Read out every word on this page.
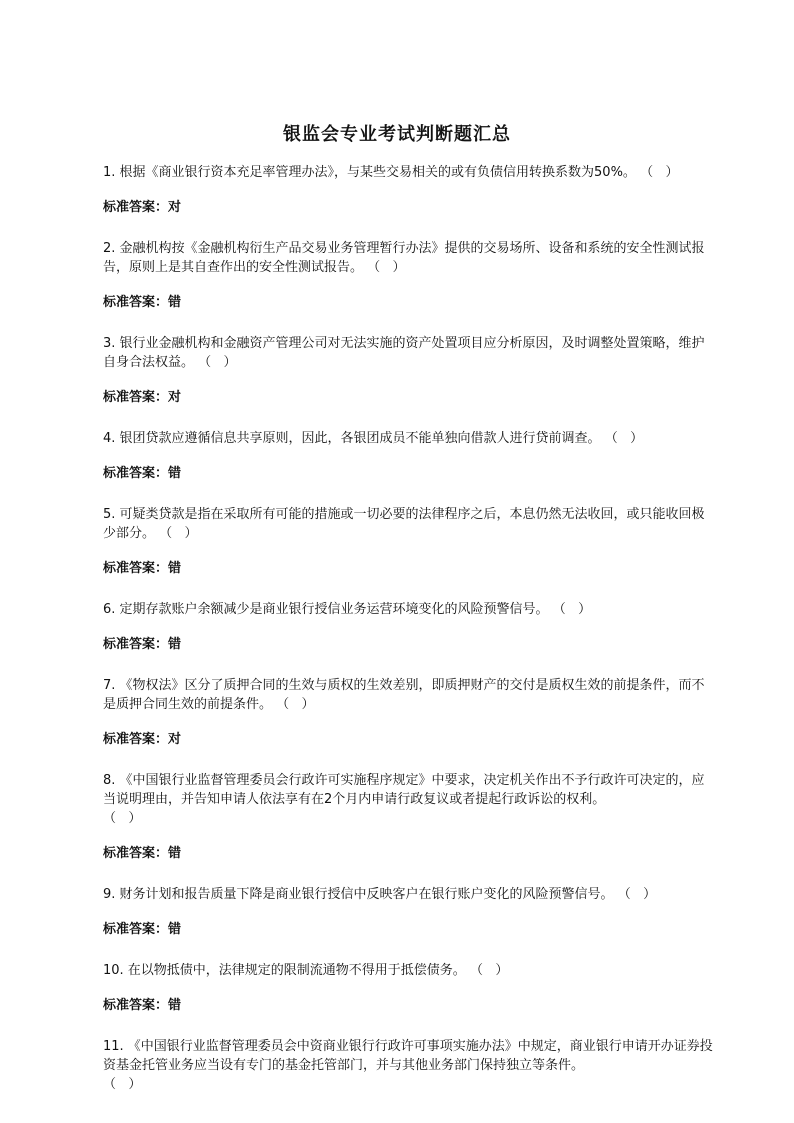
银监会专业考试判断题汇总

1. 根据《商业银行资本充足率管理办法》，与某些交易相关的或有负债信用转换系数为50%。 （   ）

标准答案：对

2. 金融机构按《金融机构衍生产品交易业务管理暂行办法》提供的交易场所、设备和系统的安全性测试报告，原则上是其自查作出的安全性测试报告。 （   ）

标准答案：错

3. 银行业金融机构和金融资产管理公司对无法实施的资产处置项目应分析原因，及时调整处置策略，维护自身合法权益。 （   ）

标准答案：对

4. 银团贷款应遵循信息共享原则，因此，各银团成员不能单独向借款人进行贷前调查。 （   ）

标准答案：错

5. 可疑类贷款是指在采取所有可能的措施或一切必要的法律程序之后，本息仍然无法收回，或只能收回极少部分。 （   ）

标准答案：错

6. 定期存款账户余额减少是商业银行授信业务运营环境变化的风险预警信号。 （   ）

标准答案：错

7. 《物权法》区分了质押合同的生效与质权的生效差别，即质押财产的交付是质权生效的前提条件，而不是质押合同生效的前提条件。 （   ）

标准答案：对

8. 《中国银行业监督管理委员会行政许可实施程序规定》中要求，决定机关作出不予行政许可决定的，应当说明理由，并告知申请人依法享有在2个月内申请行政复议或者提起行政诉讼的权利。
（   ）

标准答案：错

9. 财务计划和报告质量下降是商业银行授信中反映客户在银行账户变化的风险预警信号。 （   ）

标准答案：错

10. 在以物抵债中，法律规定的限制流通物不得用于抵偿债务。 （   ）

标准答案：错

11. 《中国银行业监督管理委员会中资商业银行行政许可事项实施办法》中规定，商业银行申请开办证券投资基金托管业务应当设有专门的基金托管部门，并与其他业务部门保持独立等条件。
（   ）
